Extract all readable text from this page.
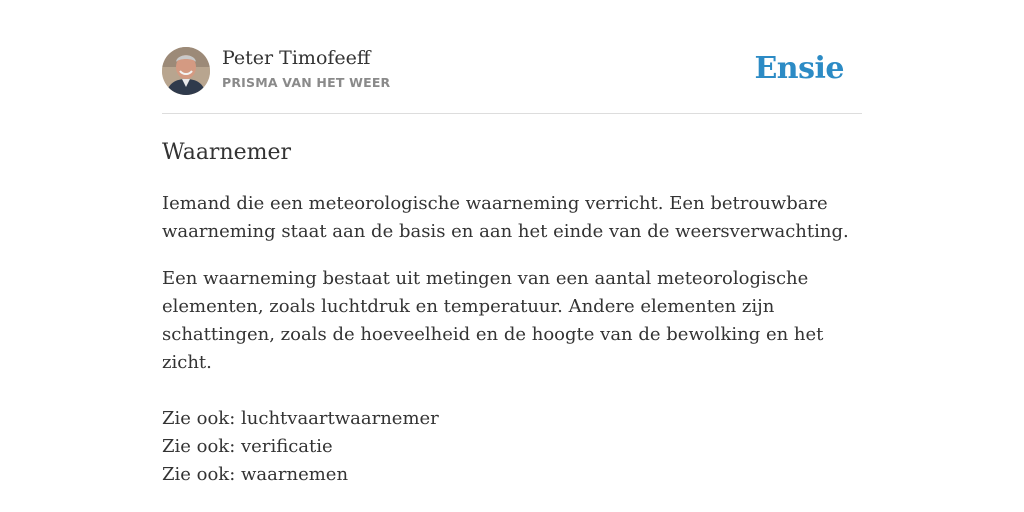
Peter Timofeeff
PRISMA VAN HET WEER	Ensie
Waarnemer

Iemand die een meteorologische waarneming verricht. Een betrouwbare waarneming staat aan de basis en aan het einde van de weersverwachting.

Een waarneming bestaat uit metingen van een aantal meteorologische elementen, zoals luchtdruk en temperatuur. Andere elementen zijn schattingen, zoals de hoeveelheid en de hoogte van de bewolking en het zicht.

Zie ook: luchtvaartwaarnemer
Zie ook: verificatie
Zie ook: waarnemen
